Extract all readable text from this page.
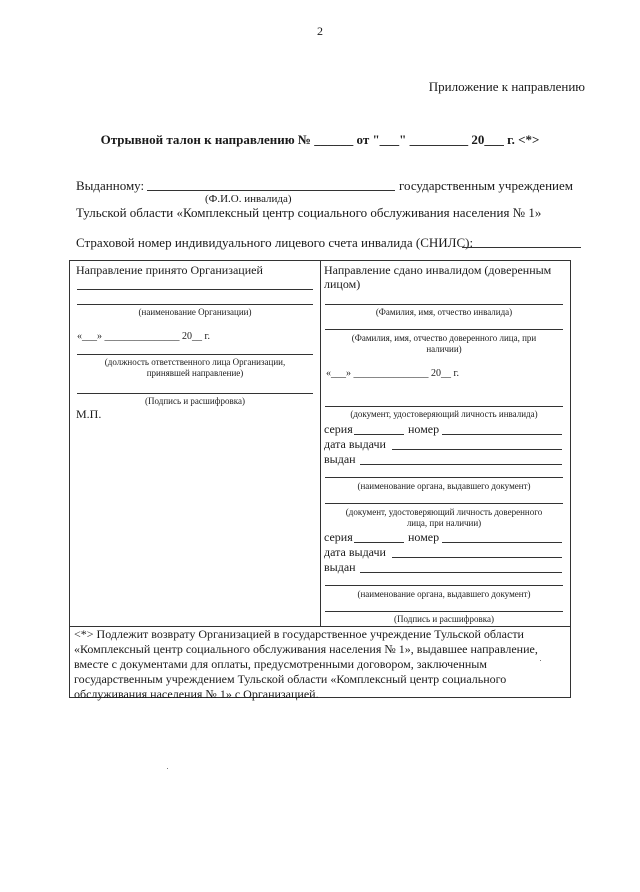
2
Приложение к направлению
Отрывной талон к направлению № ______ от "___" _________ 20___ г. <*>
Выданному:	государственным учреждением
(Ф.И.О. инвалида)
Тульской области «Комплексный центр социального обслуживания населения № 1»
Страховой номер индивидуального лицевого счета инвалида (СНИЛС):
Направление принято Организацией
(наименование Организации)
«___» _______________ 20__ г.
(должность ответственного лица Организации,
принявшей направление)
(Подпись и расшифровка)
М.П.
Направление сдано инвалидом (доверенным
лицом)
(Фамилия, имя, отчество инвалида)
(Фамилия, имя, отчество доверенного лица, при
наличии)
«___» _______________ 20__ г.
(документ, удостоверяющий личность инвалида)
серия	номер
дата выдачи
выдан
(наименование органа, выдавшего документ)
(документ, удостоверяющий личность доверенного
лица, при наличии)
серия	номер
дата выдачи
выдан
(наименование органа, выдавшего документ)
(Подпись и расшифровка)
<*> Подлежит возврату Организацией в государственное учреждение Тульской области «Комплексный центр социального обслуживания населения № 1», выдавшее направление, вместе с документами для оплаты, предусмотренными договором, заключенным государственным учреждением Тульской области «Комплексный центр социального обслуживания населения № 1» с Организацией.
